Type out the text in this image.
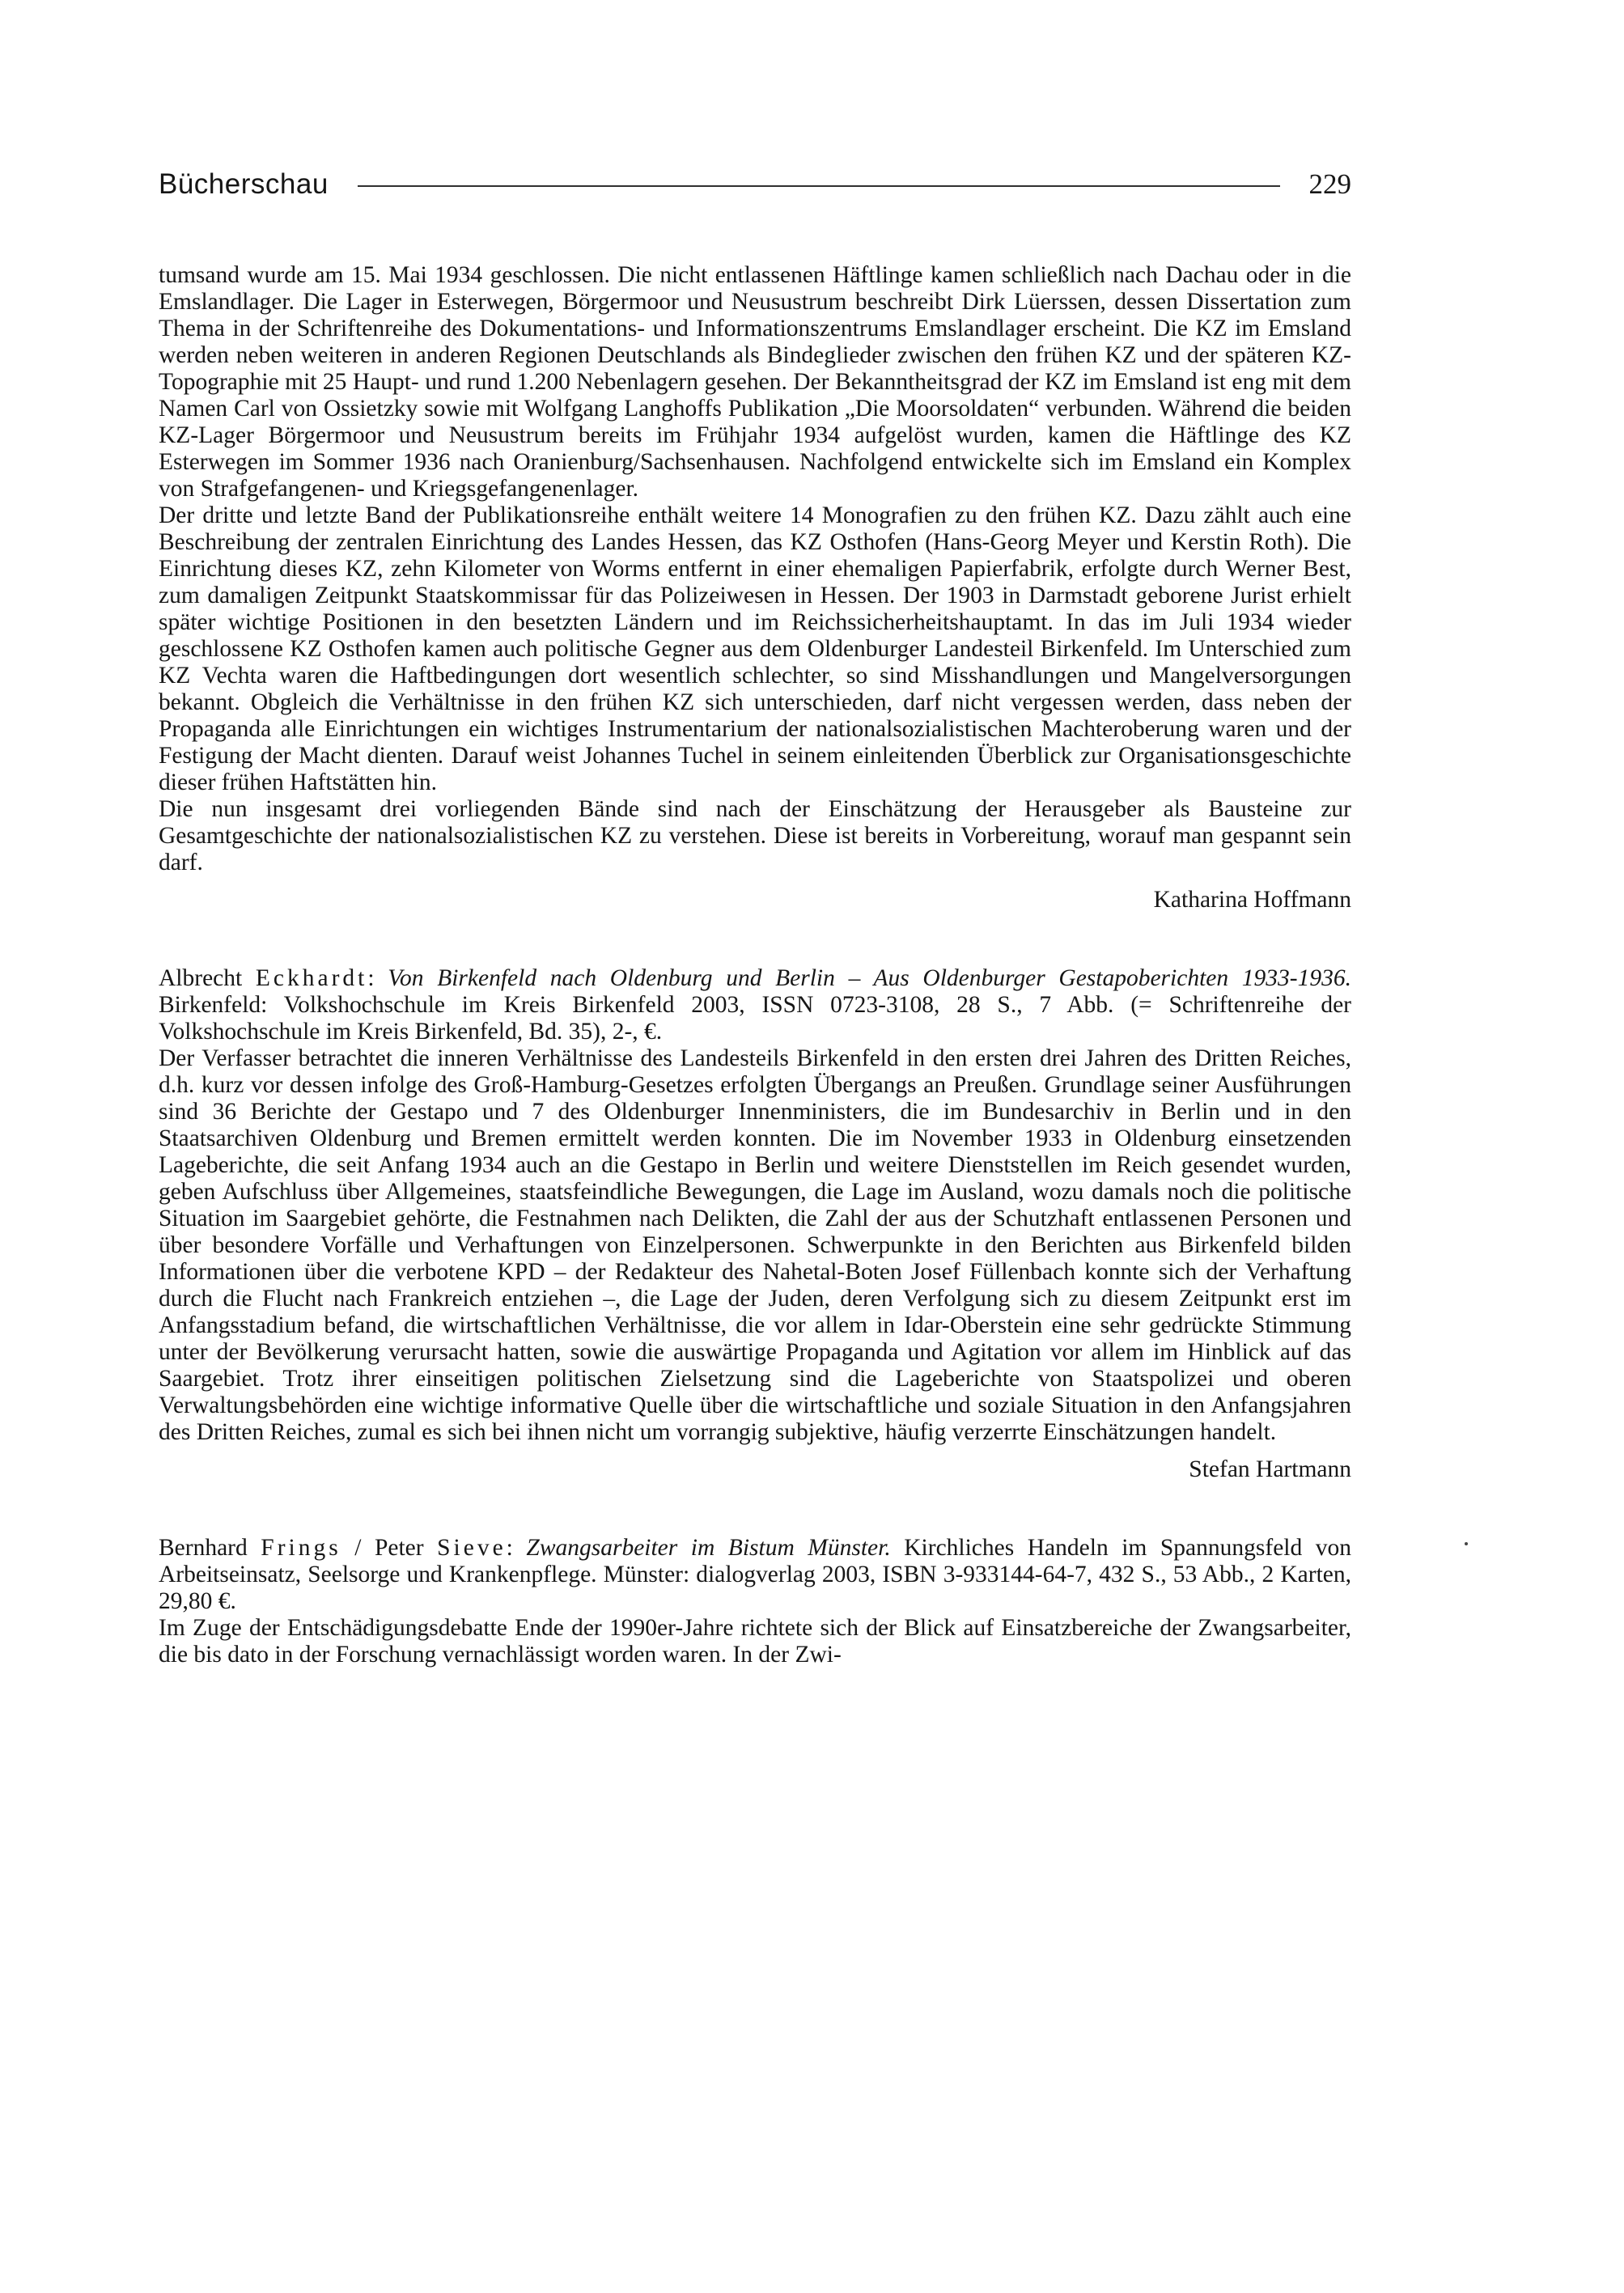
Bücherschau	229

tumsand wurde am 15. Mai 1934 geschlossen. Die nicht entlassenen Häftlinge kamen schließlich nach Dachau oder in die Emslandlager. Die Lager in Esterwegen, Börgermoor und Neusustrum beschreibt Dirk Lüerssen, dessen Dissertation zum Thema in der Schriftenreihe des Dokumentations- und Informationszentrums Emslandlager erscheint. Die KZ im Emsland werden neben weiteren in anderen Regionen Deutschlands als Bindeglieder zwischen den frühen KZ und der späteren KZ-Topographie mit 25 Haupt- und rund 1.200 Nebenlagern gesehen. Der Bekanntheitsgrad der KZ im Emsland ist eng mit dem Namen Carl von Ossietzky sowie mit Wolfgang Langhoffs Publikation „Die Moorsoldaten“ verbunden. Während die beiden KZ-Lager Börgermoor und Neusustrum bereits im Frühjahr 1934 aufgelöst wurden, kamen die Häftlinge des KZ Esterwegen im Sommer 1936 nach Oranienburg/Sachsenhausen. Nachfolgend entwickelte sich im Emsland ein Komplex von Strafgefangenen- und Kriegsgefangenenlager.

Der dritte und letzte Band der Publikationsreihe enthält weitere 14 Monografien zu den frühen KZ. Dazu zählt auch eine Beschreibung der zentralen Einrichtung des Landes Hessen, das KZ Osthofen (Hans-Georg Meyer und Kerstin Roth). Die Einrichtung dieses KZ, zehn Kilometer von Worms entfernt in einer ehemaligen Papierfabrik, erfolgte durch Werner Best, zum damaligen Zeitpunkt Staatskommissar für das Polizeiwesen in Hessen. Der 1903 in Darmstadt geborene Jurist erhielt später wichtige Positionen in den besetzten Ländern und im Reichssicherheitshauptamt. In das im Juli 1934 wieder geschlossene KZ Osthofen kamen auch politische Gegner aus dem Oldenburger Landesteil Birkenfeld. Im Unterschied zum KZ Vechta waren die Haftbedingungen dort wesentlich schlechter, so sind Misshandlungen und Mangelversorgungen bekannt. Obgleich die Verhältnisse in den frühen KZ sich unterschieden, darf nicht vergessen werden, dass neben der Propaganda alle Einrichtungen ein wichtiges Instrumentarium der nationalsozialistischen Machteroberung waren und der Festigung der Macht dienten. Darauf weist Johannes Tuchel in seinem einleitenden Überblick zur Organisationsgeschichte dieser frühen Haftstätten hin.

Die nun insgesamt drei vorliegenden Bände sind nach der Einschätzung der Herausgeber als Bausteine zur Gesamtgeschichte der nationalsozialistischen KZ zu verstehen. Diese ist bereits in Vorbereitung, worauf man gespannt sein darf.

Katharina Hoffmann

Albrecht Eckhardt: Von Birkenfeld nach Oldenburg und Berlin – Aus Oldenburger Gestapoberichten 1933-1936. Birkenfeld: Volkshochschule im Kreis Birkenfeld 2003, ISSN 0723-3108, 28 S., 7 Abb. (= Schriftenreihe der Volkshochschule im Kreis Birkenfeld, Bd. 35), 2-, €.

Der Verfasser betrachtet die inneren Verhältnisse des Landesteils Birkenfeld in den ersten drei Jahren des Dritten Reiches, d.h. kurz vor dessen infolge des Groß-Hamburg-Gesetzes erfolgten Übergangs an Preußen. Grundlage seiner Ausführungen sind 36 Berichte der Gestapo und 7 des Oldenburger Innenministers, die im Bundesarchiv in Berlin und in den Staatsarchiven Oldenburg und Bremen ermittelt werden konnten. Die im November 1933 in Oldenburg einsetzenden Lageberichte, die seit Anfang 1934 auch an die Gestapo in Berlin und weitere Dienststellen im Reich gesendet wurden, geben Aufschluss über Allgemeines, staatsfeindliche Bewegungen, die Lage im Ausland, wozu damals noch die politische Situation im Saargebiet gehörte, die Festnahmen nach Delikten, die Zahl der aus der Schutzhaft entlassenen Personen und über besondere Vorfälle und Verhaftungen von Einzelpersonen. Schwerpunkte in den Berichten aus Birkenfeld bilden Informationen über die verbotene KPD – der Redakteur des Nahetal-Boten Josef Füllenbach konnte sich der Verhaftung durch die Flucht nach Frankreich entziehen –, die Lage der Juden, deren Verfolgung sich zu diesem Zeitpunkt erst im Anfangsstadium befand, die wirtschaftlichen Verhältnisse, die vor allem in Idar-Oberstein eine sehr gedrückte Stimmung unter der Bevölkerung verursacht hatten, sowie die auswärtige Propaganda und Agitation vor allem im Hinblick auf das Saargebiet. Trotz ihrer einseitigen politischen Zielsetzung sind die Lageberichte von Staatspolizei und oberen Verwaltungsbehörden eine wichtige informative Quelle über die wirtschaftliche und soziale Situation in den Anfangsjahren des Dritten Reiches, zumal es sich bei ihnen nicht um vorrangig subjektive, häufig verzerrte Einschätzungen handelt.

Stefan Hartmann

Bernhard Frings / Peter Sieve: Zwangsarbeiter im Bistum Münster. Kirchliches Handeln im Spannungsfeld von Arbeitseinsatz, Seelsorge und Krankenpflege. Münster: dialogverlag 2003, ISBN 3-933144-64-7, 432 S., 53 Abb., 2 Karten, 29,80 €.

Im Zuge der Entschädigungsdebatte Ende der 1990er-Jahre richtete sich der Blick auf Einsatzbereiche der Zwangsarbeiter, die bis dato in der Forschung vernachlässigt worden waren. In der Zwi-
